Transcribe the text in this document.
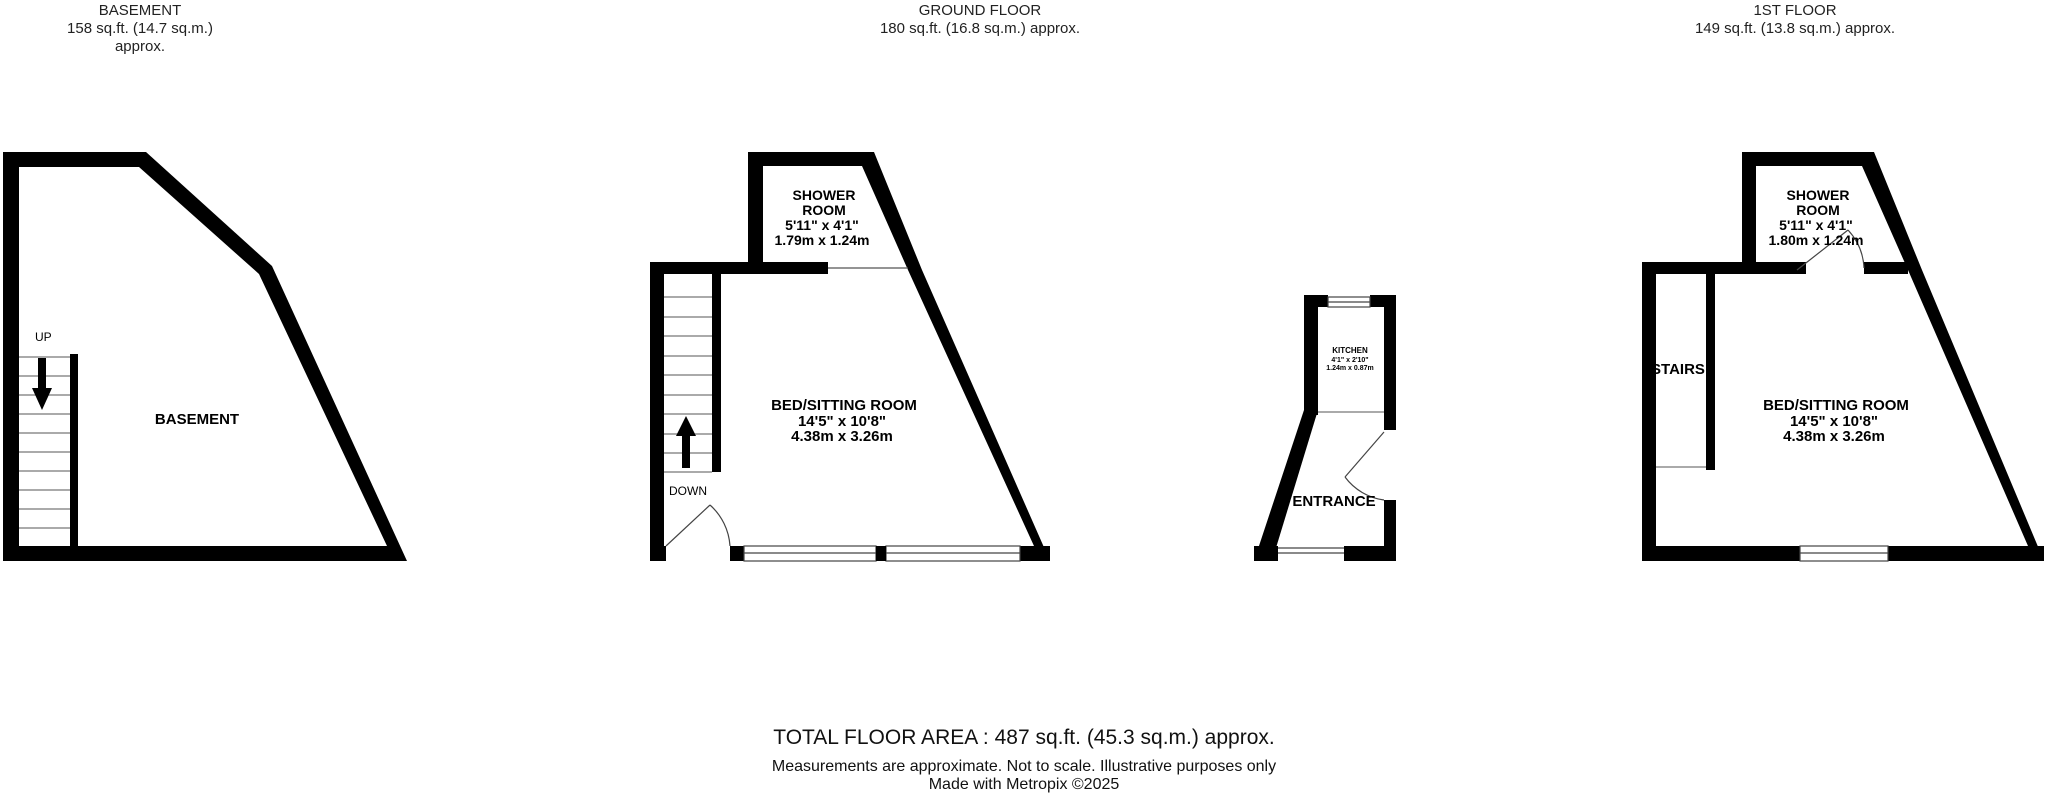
BASEMENT
158 sq.ft. (14.7 sq.m.) approx.
GROUND FLOOR
180 sq.ft. (16.8 sq.m.) approx.
1ST FLOOR
149 sq.ft. (13.8 sq.m.) approx.
UP
BASEMENT
DOWN
SHOWER
ROOM
5'11" x 4'1"
1.79m x 1.24m
BED/SITTING ROOM
14'5" x 10'8"
4.38m x 3.26m
KITCHEN
4'1" x 2'10"
1.24m x 0.87m
ENTRANCE
STAIRS
SHOWER
ROOM
5'11" x 4'1"
1.80m x 1.24m
BED/SITTING ROOM
14'5" x 10'8"
4.38m x 3.26m
TOTAL FLOOR AREA : 487 sq.ft. (45.3 sq.m.) approx.
Measurements are approximate. Not to scale. Illustrative purposes only
Made with Metropix ©2025
